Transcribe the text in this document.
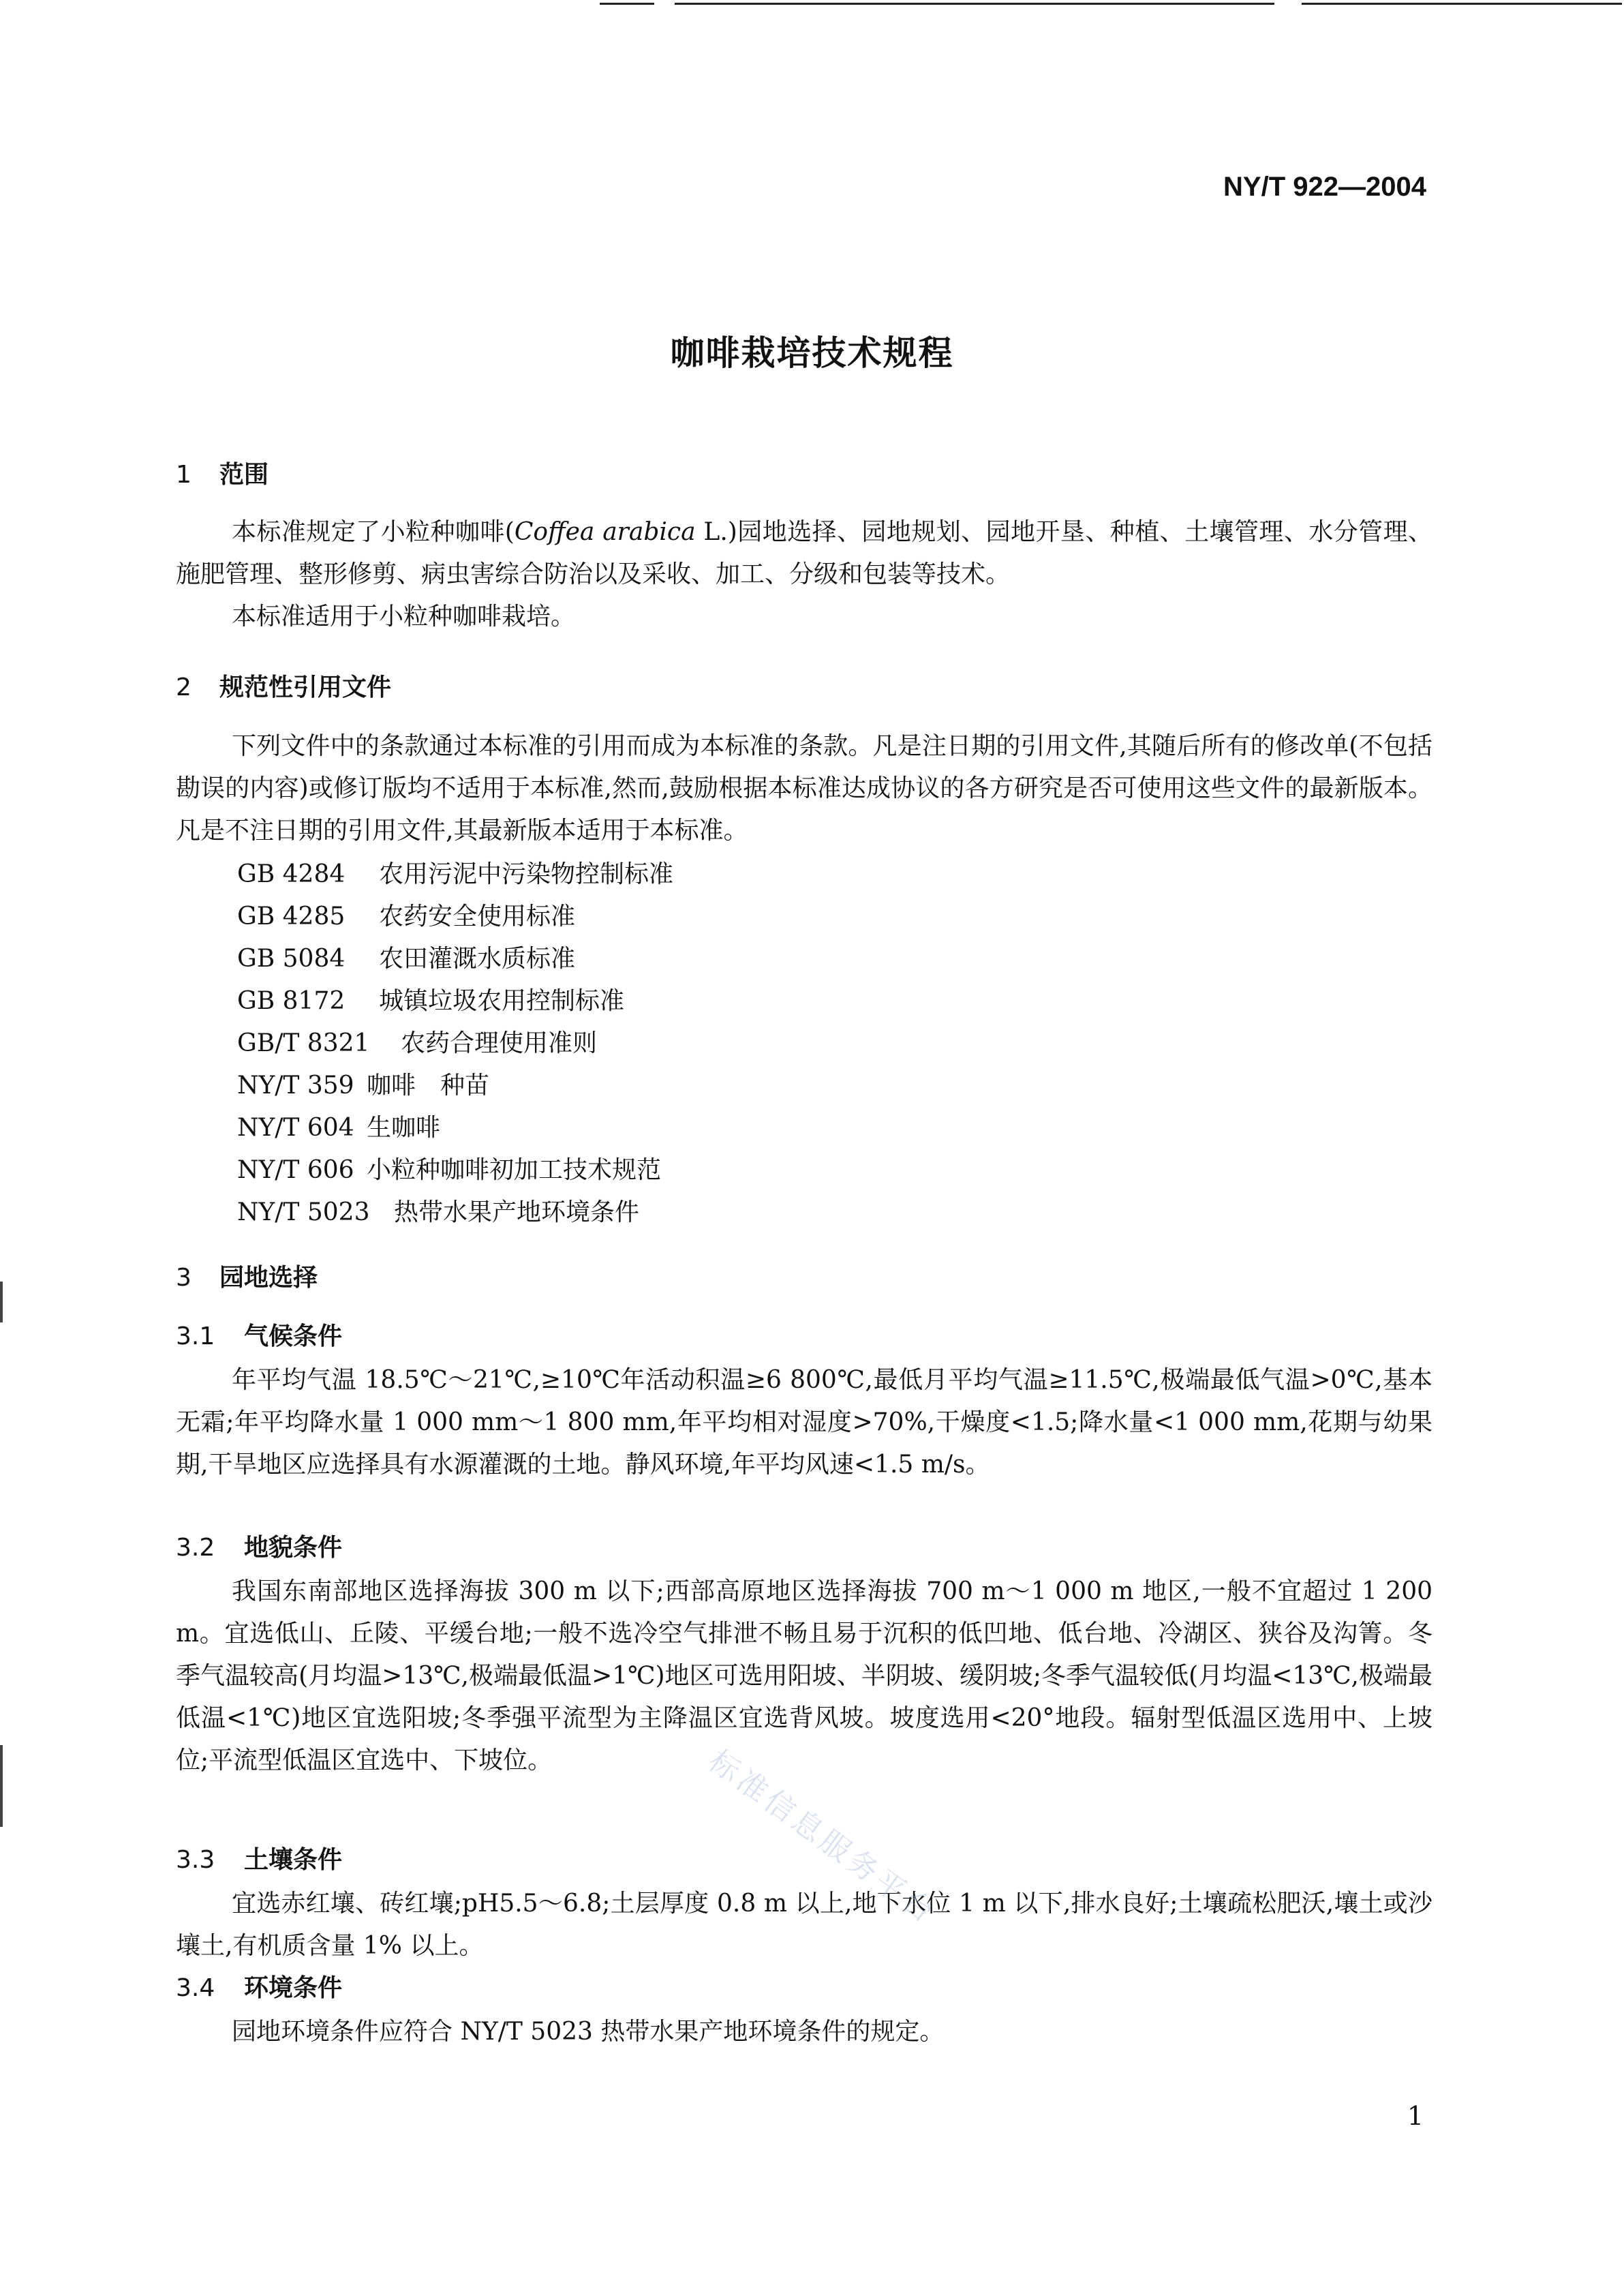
NY/T 922—2004
咖啡栽培技术规程
1 范围
本标准规定了小粒种咖啡(Coffea arabica L.)园地选择、园地规划、园地开垦、种植、土壤管理、水分管理、施肥管理、整形修剪、病虫害综合防治以及采收、加工、分级和包装等技术。
本标准适用于小粒种咖啡栽培。
2 规范性引用文件
下列文件中的条款通过本标准的引用而成为本标准的条款。凡是注日期的引用文件,其随后所有的修改单(不包括勘误的内容)或修订版均不适用于本标准,然而,鼓励根据本标准达成协议的各方研究是否可使用这些文件的最新版本。凡是不注日期的引用文件,其最新版本适用于本标准。
GB 4284 农用污泥中污染物控制标准
GB 4285 农药安全使用标准
GB 5084 农田灌溉水质标准
GB 8172 城镇垃圾农用控制标准
GB/T 8321 农药合理使用准则
NY/T 359 咖啡　种苗
NY/T 604 生咖啡
NY/T 606 小粒种咖啡初加工技术规范
NY/T 5023 热带水果产地环境条件
3 园地选择
3.1 气候条件
年平均气温 18.5℃～21℃,≥10℃年活动积温≥6 800℃,最低月平均气温≥11.5℃,极端最低气温>0℃,基本无霜;年平均降水量 1 000 mm～1 800 mm,年平均相对湿度>70%,干燥度<1.5;降水量<1 000 mm,花期与幼果期,干旱地区应选择具有水源灌溉的土地。静风环境,年平均风速<1.5 m/s。
3.2 地貌条件
我国东南部地区选择海拔 300 m 以下;西部高原地区选择海拔 700 m～1 000 m 地区,一般不宜超过 1 200 m。宜选低山、丘陵、平缓台地;一般不选冷空气排泄不畅且易于沉积的低凹地、低台地、冷湖区、狭谷及沟箐。冬季气温较高(月均温>13℃,极端最低温>1℃)地区可选用阳坡、半阴坡、缓阴坡;冬季气温较低(月均温<13℃,极端最低温<1℃)地区宜选阳坡;冬季强平流型为主降温区宜选背风坡。坡度选用<20°地段。辐射型低温区选用中、上坡位;平流型低温区宜选中、下坡位。
3.3 土壤条件
宜选赤红壤、砖红壤;pH5.5～6.8;土层厚度 0.8 m 以上,地下水位 1 m 以下,排水良好;土壤疏松肥沃,壤土或沙壤土,有机质含量 1% 以上。
3.4 环境条件
园地环境条件应符合 NY/T 5023 热带水果产地环境条件的规定。
标准信息服务平台
1
